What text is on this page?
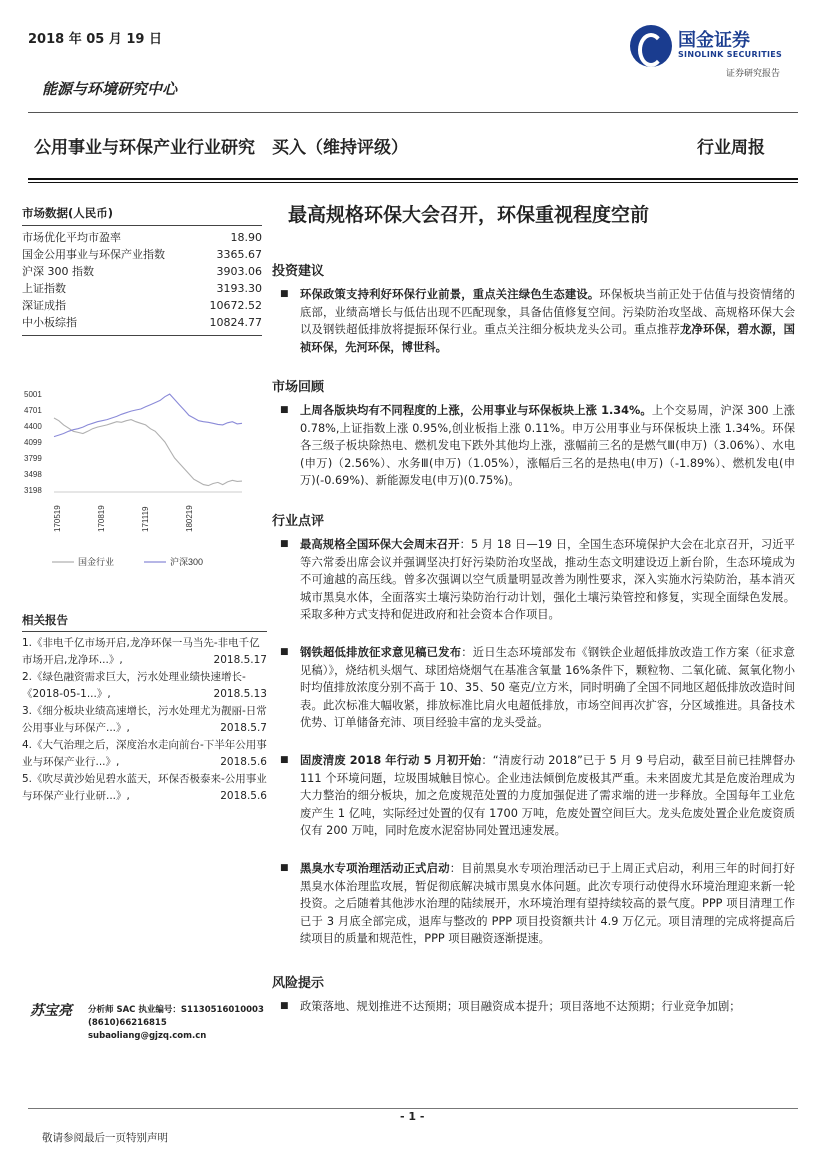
2018 年 05 月 19 日	国金证券
SINOLINK SECURITIES
证券研究报告
能源与环境研究中心
公用事业与环保产业行业研究　买入（维持评级）	行业周报
市场数据(人民币)
市场优化平均市盈率	18.90
国金公用事业与环保产业指数	3365.67
沪深 300 指数	3903.06
上证指数	3193.30
深证成指	10672.52
中小板综指	10824.77
5001
4701
4400
4099
3799
3498
3198
170519	170819	171119	180219
国金行业	沪深300
相关报告
1.《非电千亿市场开启,龙净环保一马当先-非电千亿市场开启,龙净环...》,	2018.5.17
2.《绿色融资需求巨大，污水处理业绩快速增长-《2018-05-1...》,	2018.5.13
3.《细分板块业绩高速增长，污水处理尤为靓丽-日常公用事业与环保产...》,	2018.5.7
4.《大气治理之后，深度治水走向前台-下半年公用事业与环保产业行...》,	2018.5.6
5.《吹尽黄沙始见碧水蓝天，环保否极泰来-公用事业与环保产业行业研...》,	2018.5.6
苏宝亮 分析师 SAC 执业编号：S1130516010003
(8610)66216815
subaoliang@gjzq.com.cn
最高规格环保大会召开，环保重视程度空前
投资建议
■ 环保政策支持利好环保行业前景，重点关注绿色生态建设。环保板块当前正处于估值与投资情绪的底部，业绩高增长与低估出现不匹配现象，具备估值修复空间。污染防治攻坚战、高规格环保大会以及钢铁超低排放将提振环保行业。重点关注细分板块龙头公司。重点推荐龙净环保，碧水源，国祯环保，先河环保，博世科。
市场回顾
■ 上周各版块均有不同程度的上涨，公用事业与环保板块上涨 1.34%。上个交易周，沪深 300 上涨 0.78%,上证指数上涨 0.95%,创业板指上涨 0.11%。申万公用事业与环保板块上涨 1.34%。环保各三级子板块除热电、燃机发电下跌外其他均上涨，涨幅前三名的是燃气Ⅲ(申万)（3.06%）、水电(申万)（2.56%）、水务Ⅲ(申万)（1.05%），涨幅后三名的是热电(申万)（-1.89%）、燃机发电(申万)(-0.69%)、新能源发电(申万)(0.75%)。
行业点评
■ 最高规格全国环保大会周末召开：5 月 18 日—19 日，全国生态环境保护大会在北京召开，习近平等六常委出席会议并强调坚决打好污染防治攻坚战，推动生态文明建设迈上新台阶，生态环境成为不可逾越的高压线。曾多次强调以空气质量明显改善为刚性要求，深入实施水污染防治，基本消灭城市黑臭水体，全面落实土壤污染防治行动计划，强化土壤污染管控和修复，实现全面绿色发展。采取多种方式支持和促进政府和社会资本合作项目。
■ 钢铁超低排放征求意见稿已发布：近日生态环境部发布《钢铁企业超低排放改造工作方案（征求意见稿）》，烧结机头烟气、球团焙烧烟气在基准含氧量 16%条件下，颗粒物、二氧化硫、氮氧化物小时均值排放浓度分别不高于 10、35、50 毫克/立方米，同时明确了全国不同地区超低排放改造时间表。此次标准大幅收紧，排放标准比肩火电超低排放，市场空间再次扩容，分区域推进。具备技术优势、订单储备充沛、项目经验丰富的龙头受益。
■ 固废清废 2018 年行动 5 月初开始：“清废行动 2018”已于 5 月 9 号启动，截至目前已挂牌督办 111 个环境问题，垃圾围城触目惊心。企业违法倾倒危废极其严重。未来固废尤其是危废治理成为大力整治的细分板块，加之危废规范处置的力度加强促进了需求端的进一步释放。全国每年工业危废产生 1 亿吨，实际经过处置的仅有 1700 万吨，危废处置空间巨大。龙头危废处置企业危废资质仅有 200 万吨，同时危废水泥窑协同处置迅速发展。
■ 黑臭水专项治理活动正式启动：目前黑臭水专项治理活动已于上周正式启动，利用三年的时间打好黑臭水体治理监攻展，暂促彻底解决城市黑臭水体问题。此次专项行动使得水环境治理迎来新一轮投资。之后随着其他涉水治理的陆续展开，水环境治理有望持续较高的景气度。PPP 项目清理工作已于 3 月底全部完成，退库与整改的 PPP 项目投资额共计 4.9 万亿元。项目清理的完成将提高后续项目的质量和规范性，PPP 项目融资逐渐提速。
风险提示
■ 政策落地、规划推进不达预期；项目融资成本提升；项目落地不达预期；行业竞争加剧；
- 1 -
敬请参阅最后一页特别声明
